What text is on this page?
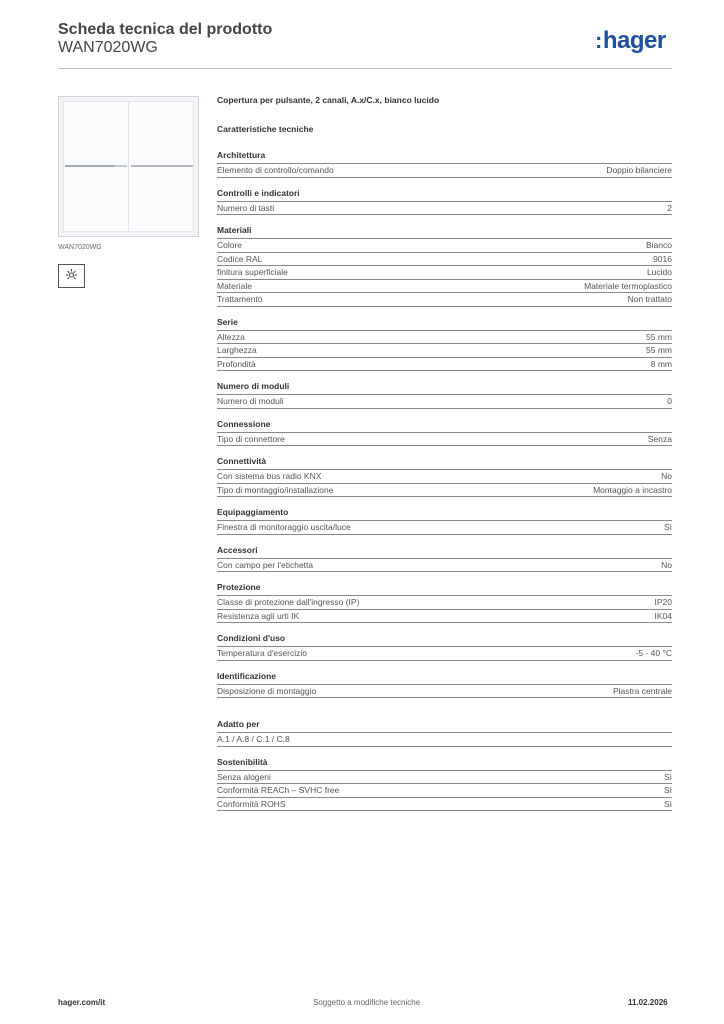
Scheda tecnica del prodotto
WAN7020WG	:hager
WAN7020WG
Copertura per pulsante, 2 canali, A.x/C.x, bianco lucido
Caratteristiche tecniche
Architettura
Elemento di controllo/comando	Doppio bilanciere
Controlli e indicatori
Numero di tasti	2
Materiali
Colore	Bianco
Codice RAL	9016
finitura superficiale	Lucido
Materiale	Materiale termoplastico
Trattamento	Non trattato
Serie
Altezza	55 mm
Larghezza	55 mm
Profondità	8 mm
Numero di moduli
Numero di moduli	0
Connessione
Tipo di connettore	Senza
Connettività
Con sistema bus radio KNX	No
Tipo di montaggio/installazione	Montaggio a incastro
Equipaggiamento
Finestra di monitoraggio uscita/luce	Sì
Accessori
Con campo per l'etichetta	No
Protezione
Classe di protezione dall'ingresso (IP)	IP20
Resistenza agli urti IK	IK04
Condizioni d'uso
Temperatura d'esercizio	-5 - 40 °C
Identificazione
Disposizione di montaggio	Piastra centrale
Adatto per
A.1 / A.8 / C.1 / C.8
Sostenibilità
Senza alogeni	Sì
Conformità REACh – SVHC free	Sì
Conformità ROHS	Sì
hager.com/it	Soggetto a modifiche tecniche	11.02.2026
